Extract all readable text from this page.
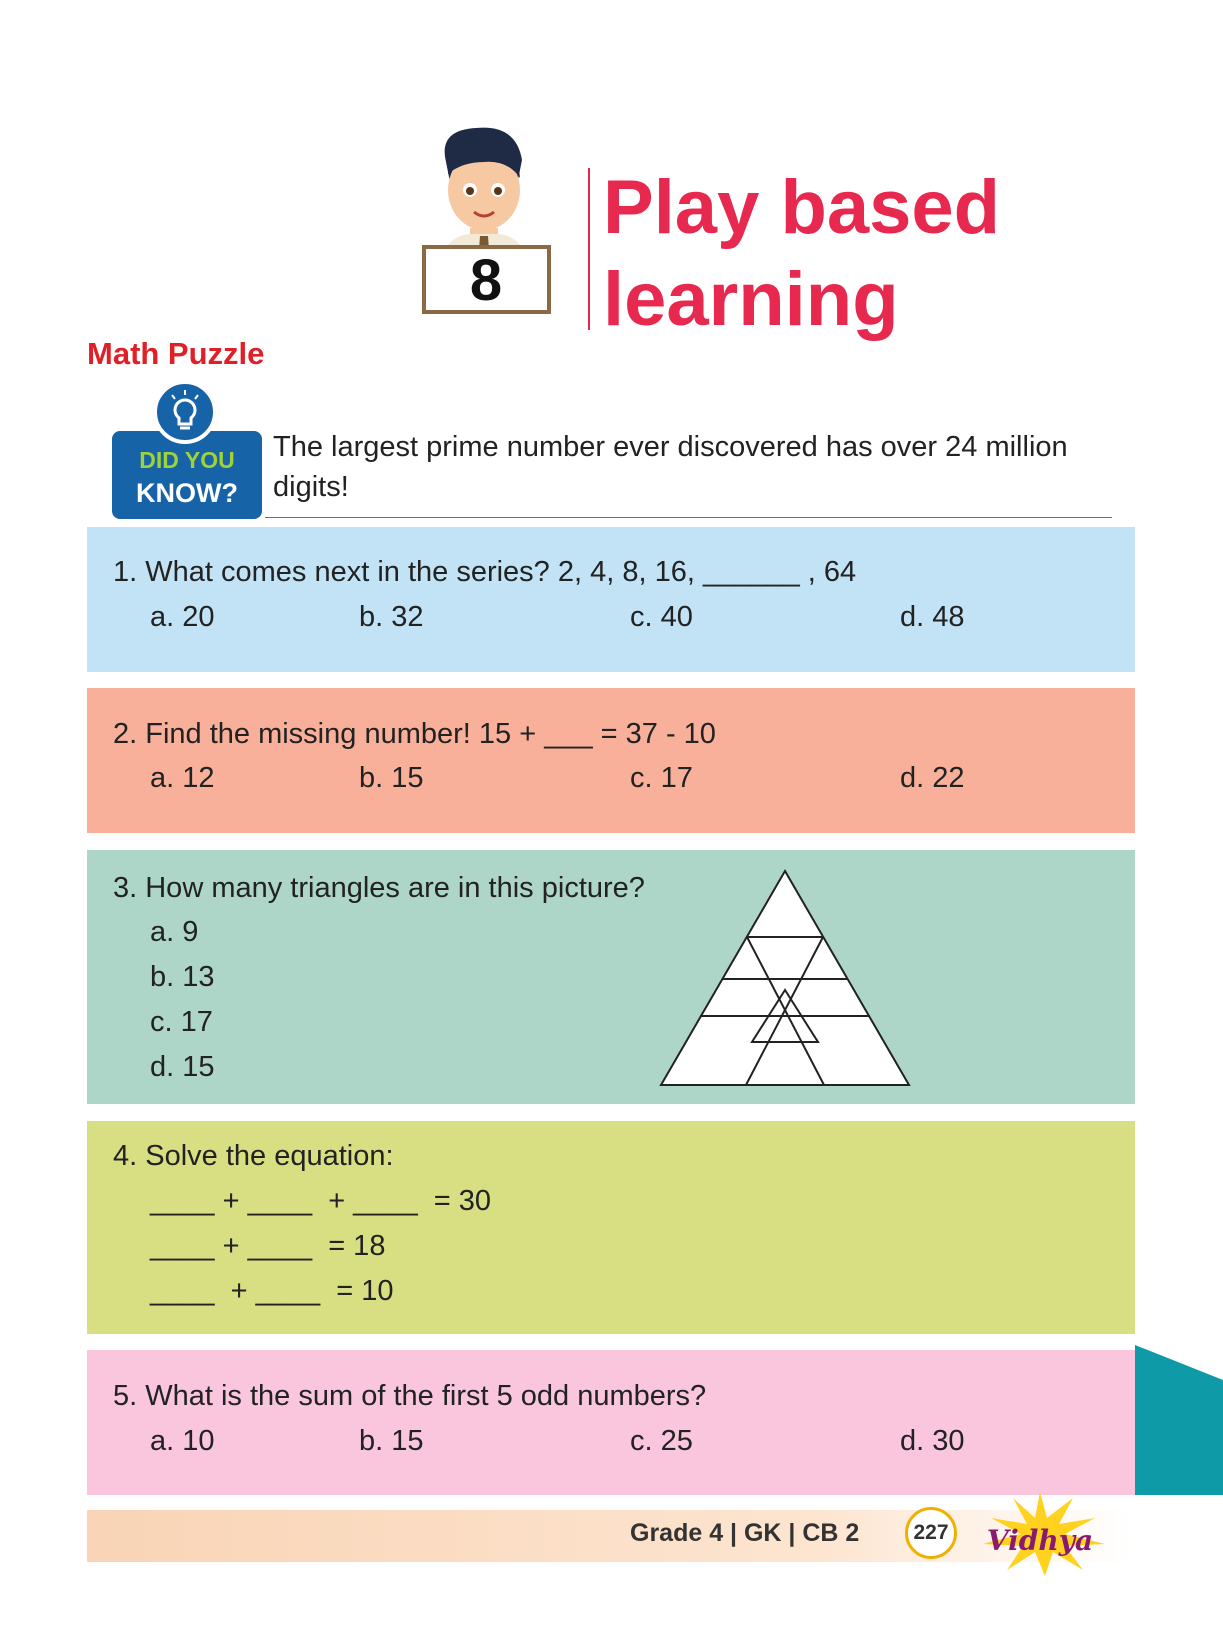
8
Play based
learning
Math Puzzle
DID YOU
KNOW?
The largest prime number ever discovered has over 24 million
digits!
1. What comes next in the series? 2, 4, 8, 16, ______ , 64
a. 20	b. 32	c. 40	d. 48
2. Find the missing number! 15 + ___ = 37 - 10
a. 12	b. 15	c. 17	d. 22
3. How many triangles are in this picture?
a. 9
b. 13
c. 17
d. 15
4. Solve the equation:
____ + ____  + ____  = 30
____ + ____  = 18
____  + ____  = 10
5. What is the sum of the first 5 odd numbers?
a. 10	b. 15	c. 25	d. 30
Grade 4 | GK | CB 2	227	Vidhya
